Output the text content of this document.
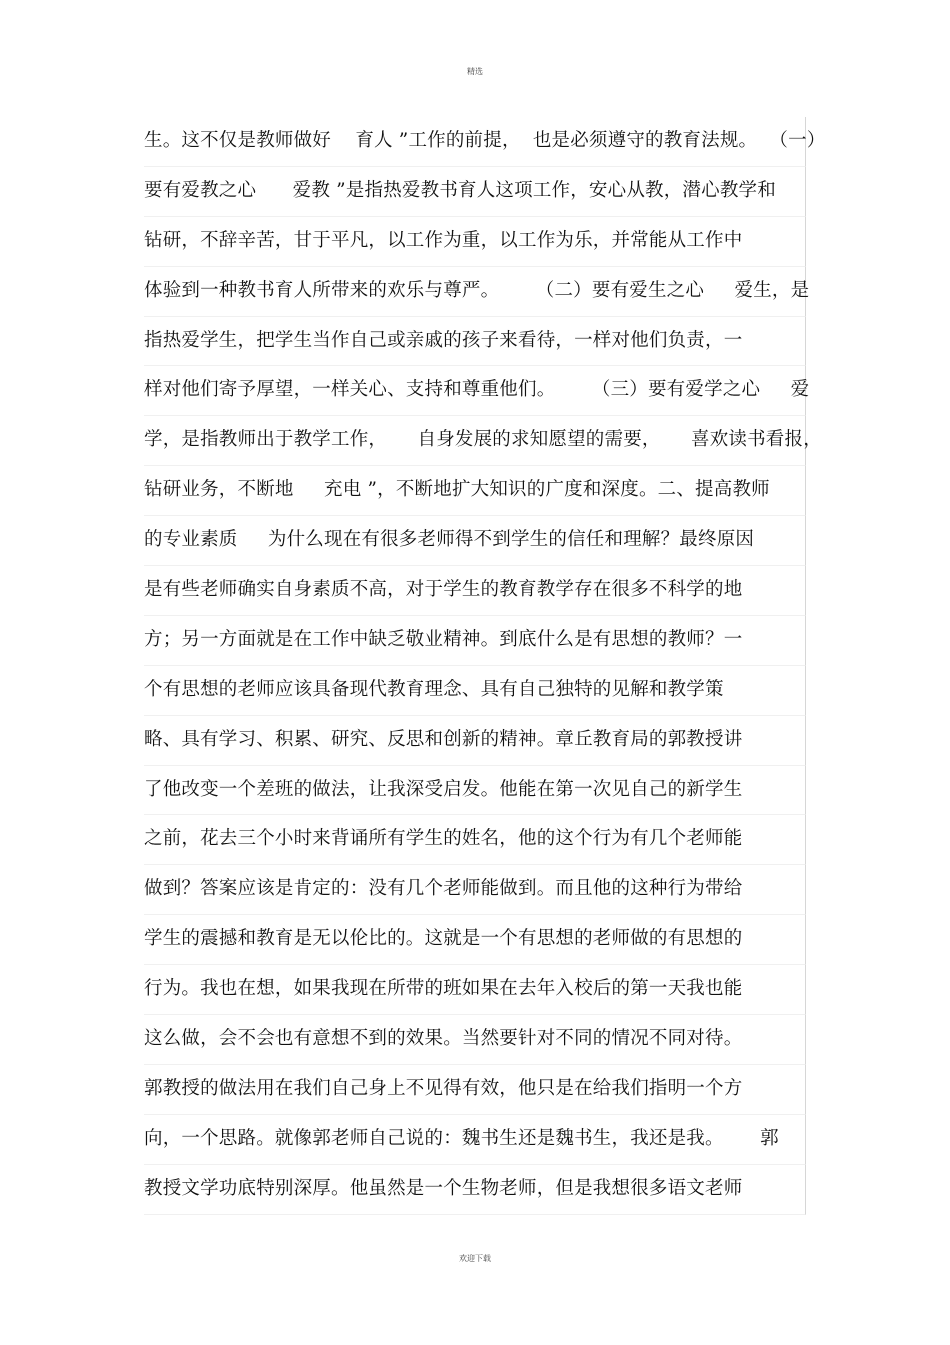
精选
生。这不仅是教师做好    育人 ”工作的前提，  也是必须遵守的教育法规。  （一）
要有爱教之心      爱教 ”是指热爱教书育人这项工作，安心从教，潜心教学和
钻研，不辞辛苦，甘于平凡，以工作为重，以工作为乐，并常能从工作中
体验到一种教书育人所带来的欢乐与尊严。      （二）要有爱生之心     爱生，是
指热爱学生，把学生当作自己或亲戚的孩子来看待，一样对他们负责，一
样对他们寄予厚望，一样关心、支持和尊重他们。      （三）要有爱学之心     爱
学，是指教师出于教学工作，     自身发展的求知愿望的需要，     喜欢读书看报，
钻研业务，不断地     充电 ”，不断地扩大知识的广度和深度。二、提高教师
的专业素质     为什么现在有很多老师得不到学生的信任和理解？最终原因
是有些老师确实自身素质不高，对于学生的教育教学存在很多不科学的地
方；另一方面就是在工作中缺乏敬业精神。到底什么是有思想的教师？一
个有思想的老师应该具备现代教育理念、具有自己独特的见解和教学策
略、具有学习、积累、研究、反思和创新的精神。章丘教育局的郭教授讲
了他改变一个差班的做法，让我深受启发。他能在第一次见自己的新学生
之前，花去三个小时来背诵所有学生的姓名，他的这个行为有几个老师能
做到？答案应该是肯定的：没有几个老师能做到。而且他的这种行为带给
学生的震撼和教育是无以伦比的。这就是一个有思想的老师做的有思想的
行为。我也在想，如果我现在所带的班如果在去年入校后的第一天我也能
这么做，会不会也有意想不到的效果。当然要针对不同的情况不同对待。
郭教授的做法用在我们自己身上不见得有效，他只是在给我们指明一个方
向，一个思路。就像郭老师自己说的：魏书生还是魏书生，我还是我。      郭
教授文学功底特别深厚。他虽然是一个生物老师，但是我想很多语文老师
欢迎下载
